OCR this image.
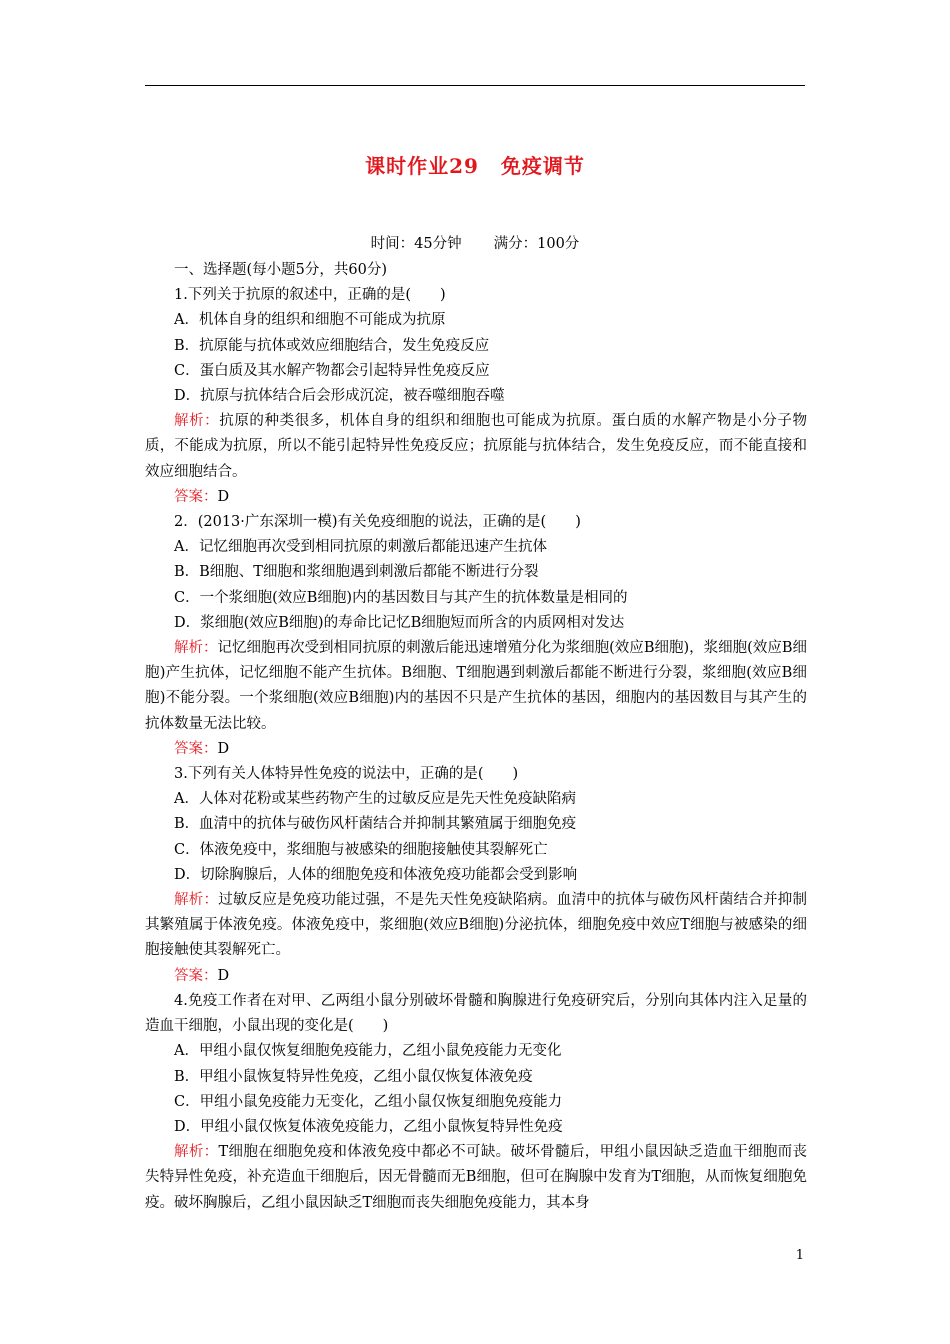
课时作业29 免疫调节
时间：45分钟 满分：100分

一、选择题(每小题5分，共60分)

1.下列关于抗原的叙述中，正确的是(　　)

A．机体自身的组织和细胞不可能成为抗原

B．抗原能与抗体或效应细胞结合，发生免疫反应

C．蛋白质及其水解产物都会引起特异性免疫反应

D．抗原与抗体结合后会形成沉淀，被吞噬细胞吞噬

解析：抗原的种类很多，机体自身的组织和细胞也可能成为抗原。蛋白质的水解产物是小分子物质，不能成为抗原，所以不能引起特异性免疫反应；抗原能与抗体结合，发生免疫反应，而不能直接和效应细胞结合。

答案：D

2．(2013·广东深圳一模)有关免疫细胞的说法，正确的是(　　)

A．记忆细胞再次受到相同抗原的刺激后都能迅速产生抗体

B．B细胞、T细胞和浆细胞遇到刺激后都能不断进行分裂

C．一个浆细胞(效应B细胞)内的基因数目与其产生的抗体数量是相同的

D．浆细胞(效应B细胞)的寿命比记忆B细胞短而所含的内质网相对发达

解析：记忆细胞再次受到相同抗原的刺激后能迅速增殖分化为浆细胞(效应B细胞)，浆细胞(效应B细胞)产生抗体，记忆细胞不能产生抗体。B细胞、T细胞遇到刺激后都能不断进行分裂，浆细胞(效应B细胞)不能分裂。一个浆细胞(效应B细胞)内的基因不只是产生抗体的基因，细胞内的基因数目与其产生的抗体数量无法比较。

答案：D

3.下列有关人体特异性免疫的说法中，正确的是(　　)

A．人体对花粉或某些药物产生的过敏反应是先天性免疫缺陷病

B．血清中的抗体与破伤风杆菌结合并抑制其繁殖属于细胞免疫

C．体液免疫中，浆细胞与被感染的细胞接触使其裂解死亡

D．切除胸腺后，人体的细胞免疫和体液免疫功能都会受到影响

解析：过敏反应是免疫功能过强，不是先天性免疫缺陷病。血清中的抗体与破伤风杆菌结合并抑制其繁殖属于体液免疫。体液免疫中，浆细胞(效应B细胞)分泌抗体，细胞免疫中效应T细胞与被感染的细胞接触使其裂解死亡。

答案：D

4.免疫工作者在对甲、乙两组小鼠分别破坏骨髓和胸腺进行免疫研究后，分别向其体内注入足量的造血干细胞，小鼠出现的变化是(　　)

A．甲组小鼠仅恢复细胞免疫能力，乙组小鼠免疫能力无变化

B．甲组小鼠恢复特异性免疫，乙组小鼠仅恢复体液免疫

C．甲组小鼠免疫能力无变化，乙组小鼠仅恢复细胞免疫能力

D．甲组小鼠仅恢复体液免疫能力，乙组小鼠恢复特异性免疫

解析：T细胞在细胞免疫和体液免疫中都必不可缺。破坏骨髓后，甲组小鼠因缺乏造血干细胞而丧失特异性免疫，补充造血干细胞后，因无骨髓而无B细胞，但可在胸腺中发育为T细胞，从而恢复细胞免疫。破坏胸腺后，乙组小鼠因缺乏T细胞而丧失细胞免疫能力，其本身

1
